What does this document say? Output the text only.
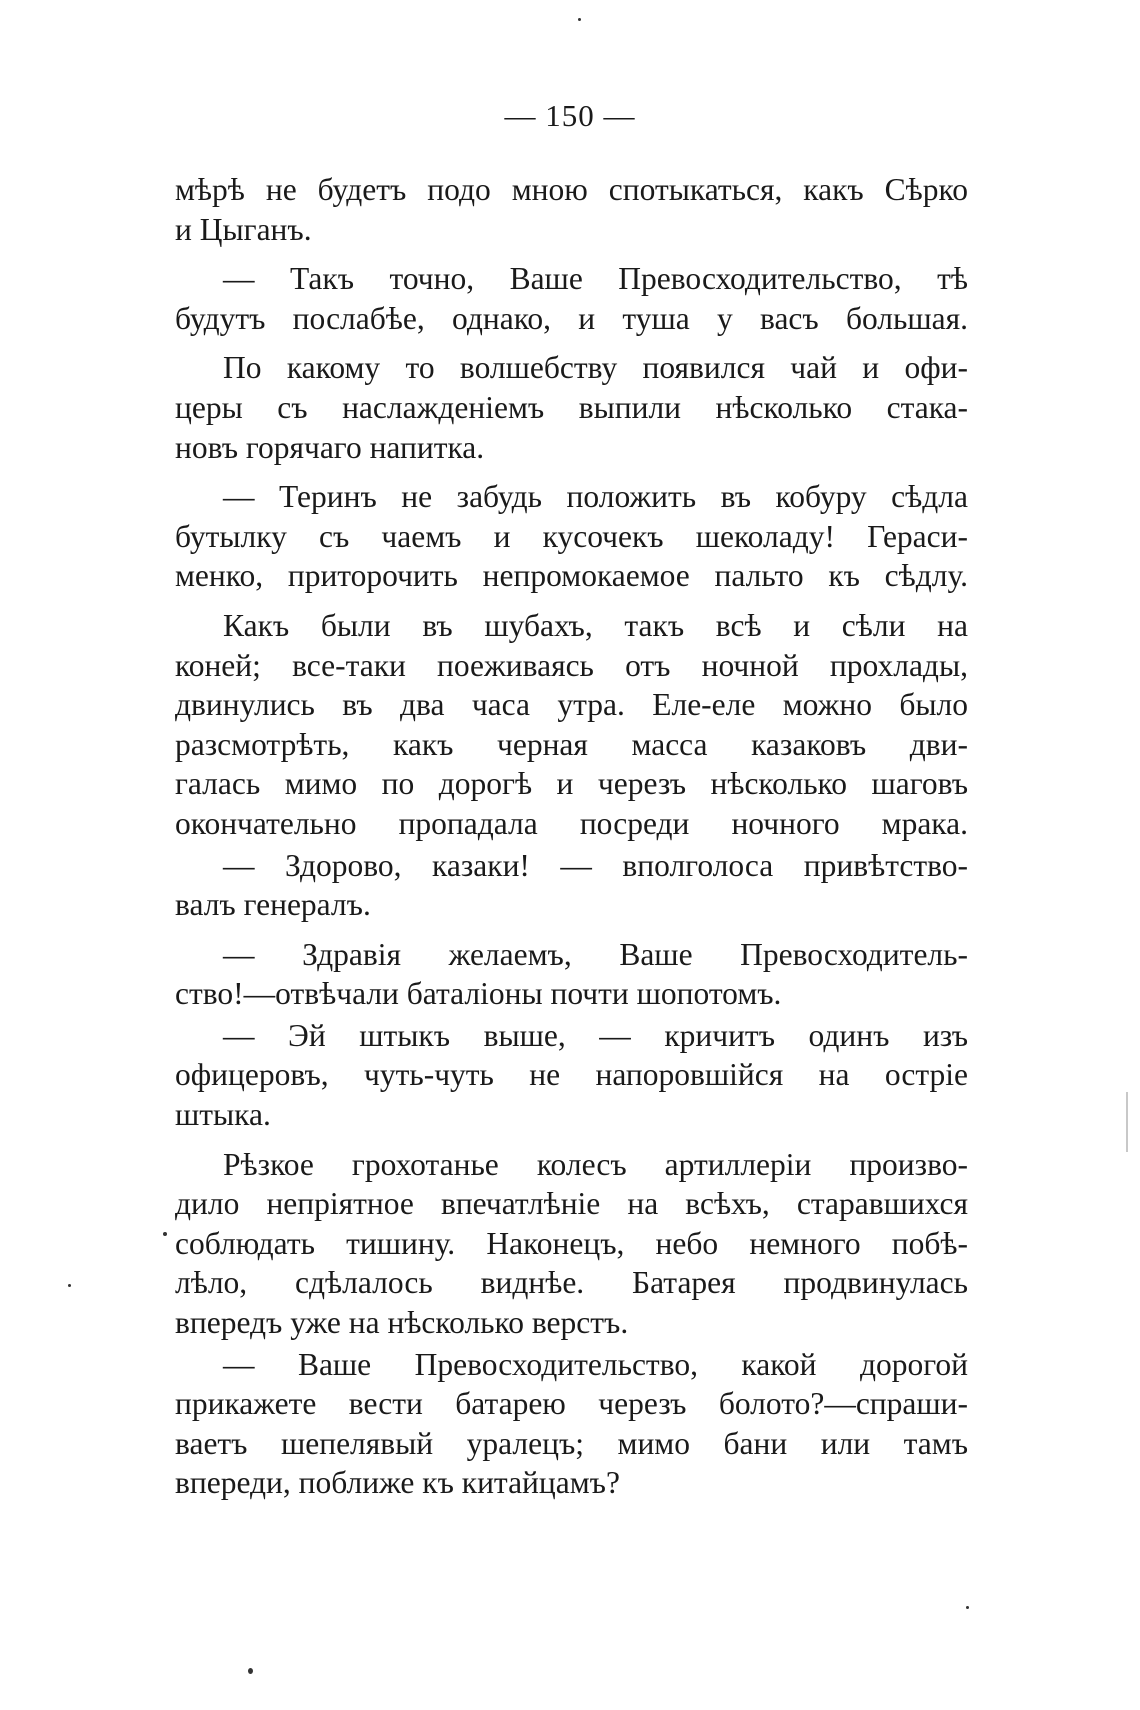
— 150 —
мѣрѣ не будетъ подо мною спотыкаться, какъ Сѣрко
и Цыганъ.
— Такъ точно, Ваше Превосходительство, тѣ
будутъ послабѣе, однако, и туша у васъ большая.
По какому то волшебству появился чай и офи-
церы съ наслажденіемъ выпили нѣсколько стака-
новъ горячаго напитка.
— Теринъ не забудь положить въ кобуру сѣдла
бутылку съ чаемъ и кусочекъ шеколаду! Гераси-
менко, приторочить непромокаемое пальто къ сѣдлу.
Какъ были въ шубахъ, такъ всѣ и сѣли на
коней; все-таки поеживаясь отъ ночной прохлады,
двинулись въ два часа утра. Еле-еле можно было
разсмотрѣть, какъ черная масса казаковъ дви-
галась мимо по дорогѣ и черезъ нѣсколько шаговъ
окончательно пропадала посреди ночного мрака.
— Здорово, казаки! — вполголоса привѣтство-
валъ генералъ.
— Здравія желаемъ, Ваше Превосходитель-
ство!—отвѣчали баталіоны почти шопотомъ.
— Эй штыкъ выше, — кричитъ одинъ изъ
офицеровъ, чуть-чуть не напоровшійся на остріе
штыка.
Рѣзкое грохотанье колесъ артиллеріи произво-
дило непріятное впечатлѣніе на всѣхъ, старавшихся
соблюдать тишину. Наконецъ, небо немного побѣ-
лѣло, сдѣлалось виднѣе. Батарея продвинулась
впередъ уже на нѣсколько верстъ.
— Ваше Превосходительство, какой дорогой
прикажете вести батарею черезъ болото?—спраши-
ваетъ шепелявый уралецъ; мимо бани или тамъ
впереди, поближе къ китайцамъ?
